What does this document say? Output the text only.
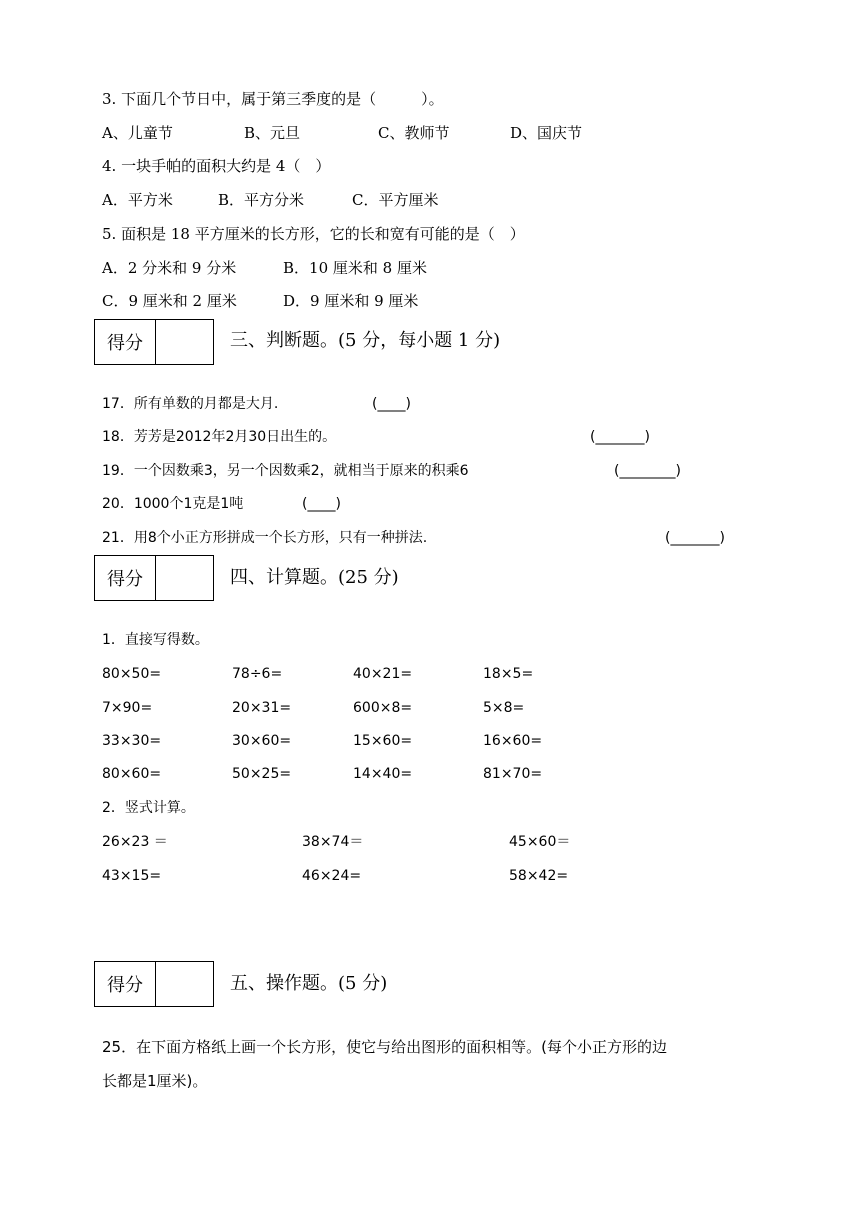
3. 下面几个节日中，属于第三季度的是（　　　）。
A、儿童节	B、元旦	C、教师节	D、国庆节
4. 一块手帕的面积大约是 4（　）
A．平方米	B．平方分米	C．平方厘米
5. 面积是 18 平方厘米的长方形，它的长和宽有可能的是（　）
A．2 分米和 9 分米	B．10 厘米和 8 厘米
C．9 厘米和 2 厘米	D．9 厘米和 9 厘米
得分	三、判断题。(5 分，每小题 1 分)
17．所有单数的月都是大月.	(____)
18．芳芳是2012年2月30日出生的。	(_______)
19．一个因数乘3，另一个因数乘2，就相当于原来的积乘6	(________)
20．1000个1克是1吨	(____)
21．用8个小正方形拼成一个长方形，只有一种拼法.	(_______)
得分	四、计算题。(25 分)
1．直接写得数。
80×50=	78÷6=	40×21=	18×5=
7×90=	20×31=	600×8=	5×8=
33×30=	30×60=	15×60=	16×60=
80×60=	50×25=	14×40=	81×70=
2．竖式计算。
26×23 ＝	38×74＝	45×60＝
43×15=	46×24=	58×42=
得分	五、操作题。(5 分)
25．在下面方格纸上画一个长方形，使它与给出图形的面积相等。(每个小正方形的边
长都是1厘米)。
